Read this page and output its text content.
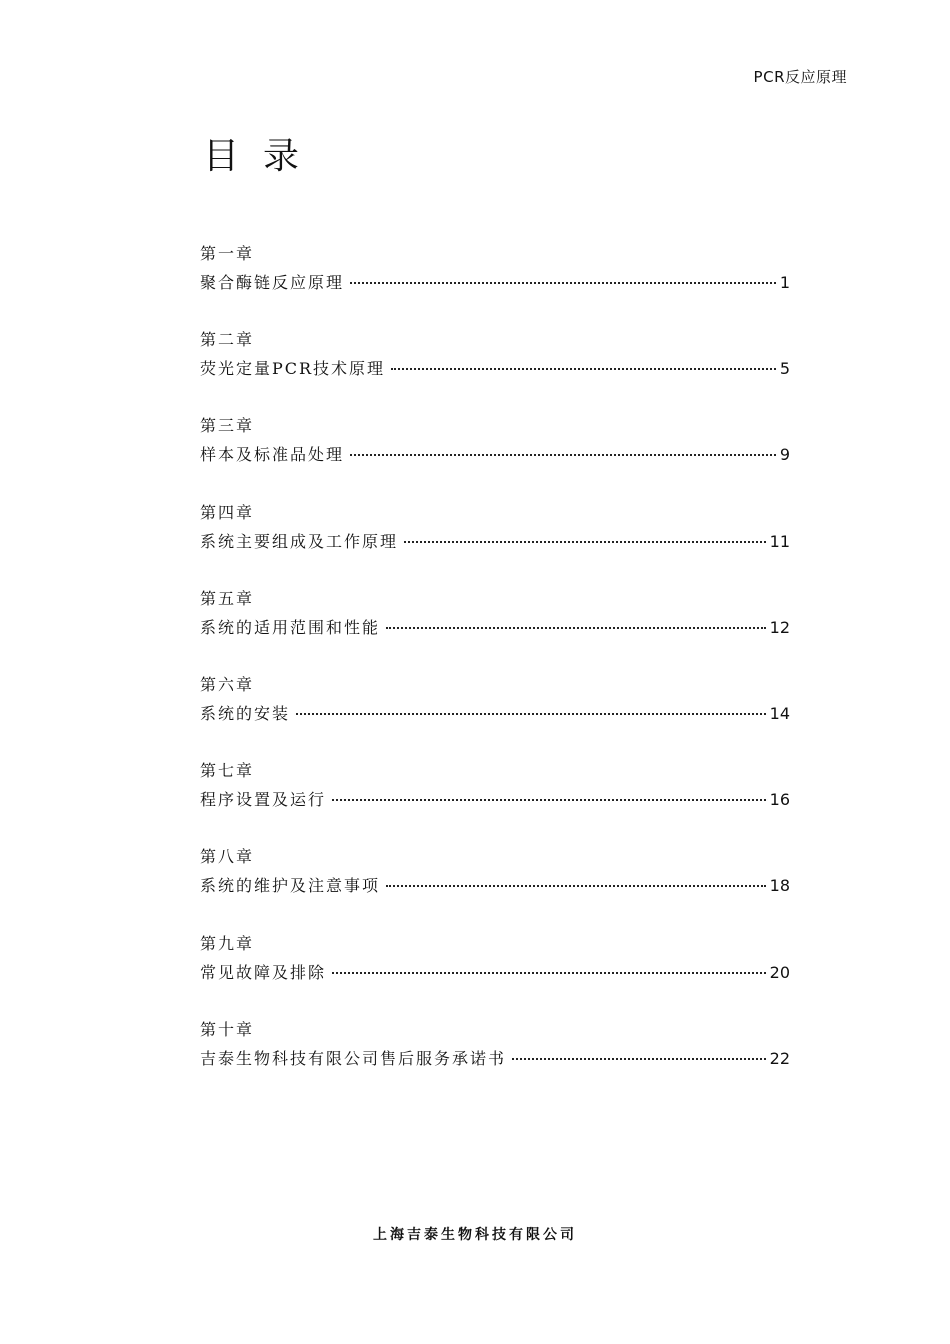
PCR反应原理
目录
第一章
聚合酶链反应原理	1
第二章
荧光定量PCR技术原理	5
第三章
样本及标准品处理	9
第四章
系统主要组成及工作原理	11
第五章
系统的适用范围和性能	12
第六章
系统的安装	14
第七章
程序设置及运行	16
第八章
系统的维护及注意事项	18
第九章
常见故障及排除	20
第十章
吉泰生物科技有限公司售后服务承诺书	22
上海吉泰生物科技有限公司
